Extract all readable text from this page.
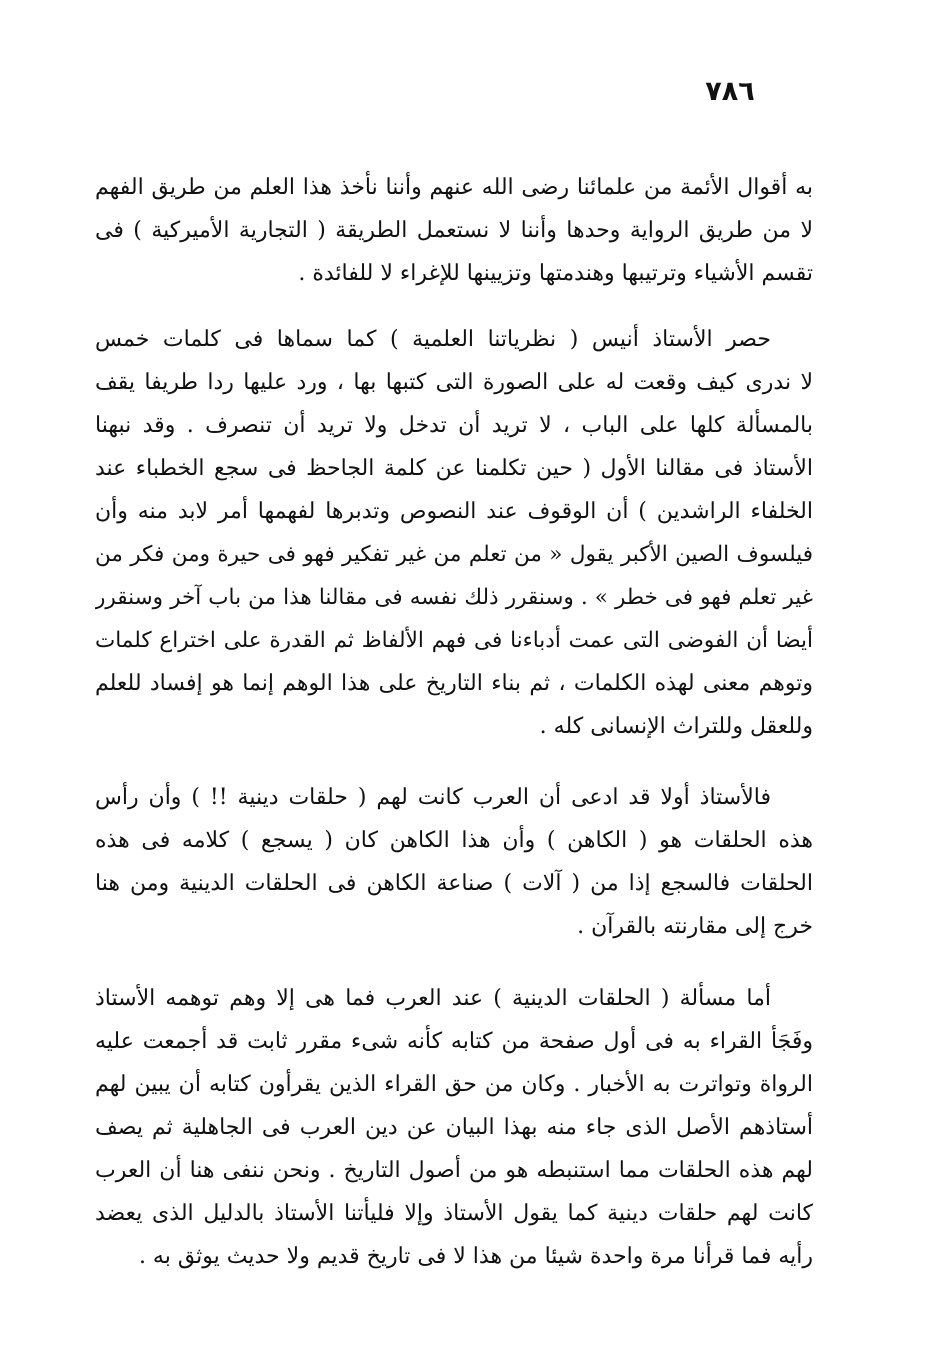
٧٨٦
به أقوال الأئمة من علمائنا رضى الله عنهم وأننا نأخذ هذا العلم من طريق الفهم
لا من طريق الرواية وحدها وأننا لا نستعمل الطريقة ( التجارية الأميركية ) فى
تقسم الأشياء وترتيبها وهندمتها وتزيينها للإغراء لا للفائدة .
حصر الأستاذ أنيس ( نظرياتنا العلمية ) كما سماها فى كلمات خمس
لا ندرى كيف وقعت له على الصورة التى كتبها بها ، ورد عليها ردا طريفا يقف
بالمسألة كلها على الباب ، لا تريد أن تدخل ولا تريد أن تنصرف . وقد نبهنا
الأستاذ فى مقالنا الأول ( حين تكلمنا عن كلمة الجاحظ فى سجع الخطباء عند
الخلفاء الراشدين ) أن الوقوف عند النصوص وتدبرها لفهمها أمر لابد منه وأن
فيلسوف الصين الأكبر يقول « من تعلم من غير تفكير فهو فى حيرة ومن فكر من
غير تعلم فهو فى خطر » . وسنقرر ذلك نفسه فى مقالنا هذا من باب آخر وسنقرر
أيضا أن الفوضى التى عمت أدباءنا فى فهم الألفاظ ثم القدرة على اختراع كلمات
وتوهم معنى لهذه الكلمات ، ثم بناء التاريخ على هذا الوهم إنما هو إفساد للعلم
وللعقل وللتراث الإنسانى كله .
فالأستاذ أولا قد ادعى أن العرب كانت لهم ( حلقات دينية !! ) وأن رأس
هذه الحلقات هو ( الكاهن ) وأن هذا الكاهن كان ( يسجع ) كلامه فى هذه
الحلقات فالسجع إذا من ( آلات ) صناعة الكاهن فى الحلقات الدينية ومن هنا
خرج إلى مقارنته بالقرآن .
أما مسألة ( الحلقات الدينية ) عند العرب فما هى إلا وهم توهمه الأستاذ
وفَجَأ القراء به فى أول صفحة من كتابه كأنه شىء مقرر ثابت قد أجمعت عليه
الرواة وتواترت به الأخبار . وكان من حق القراء الذين يقرأون كتابه أن يبين لهم
أستاذهم الأصل الذى جاء منه بهذا البيان عن دين العرب فى الجاهلية ثم يصف
لهم هذه الحلقات مما استنبطه هو من أصول التاريخ . ونحن ننفى هنا أن العرب
كانت لهم حلقات دينية كما يقول الأستاذ وإلا فليأتنا الأستاذ بالدليل الذى يعضد
رأيه فما قرأنا مرة واحدة شيئا من هذا لا فى تاريخ قديم ولا حديث يوثق به .
